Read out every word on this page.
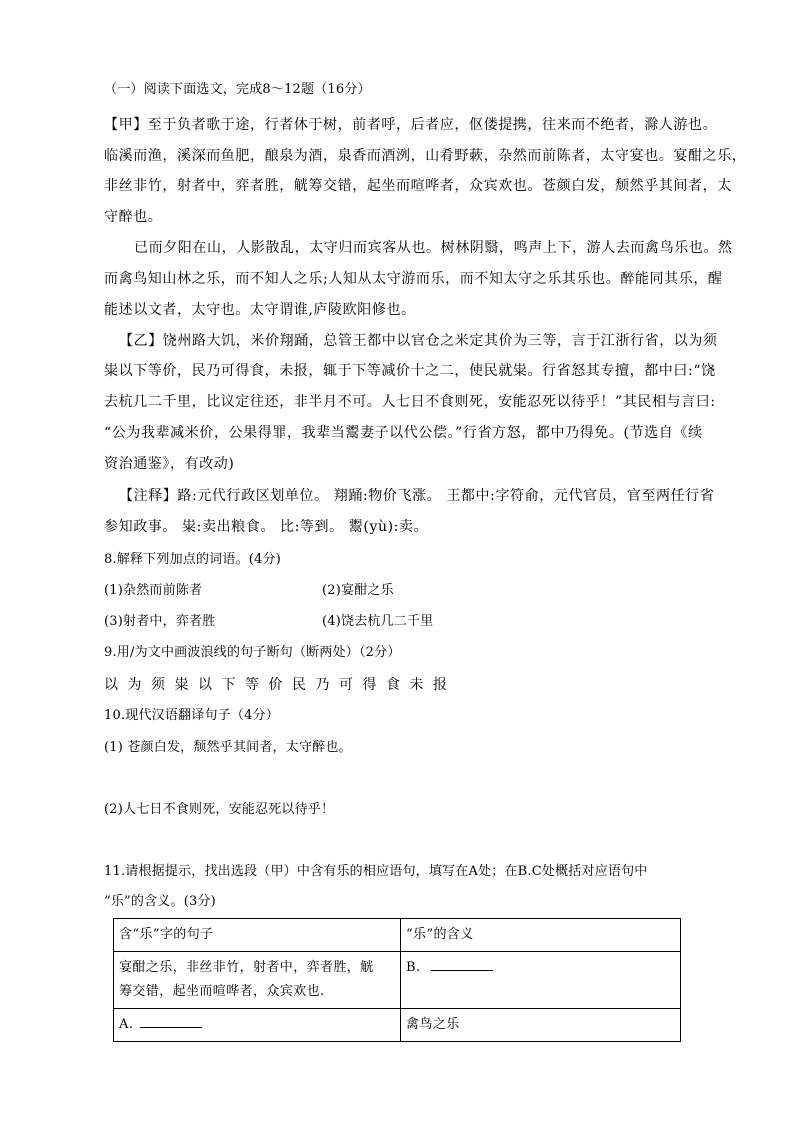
（一）阅读下面选文，完成8～12题（16分）
【甲】至于负者歌于途，行者休于树，前者呼，后者应，伛偻提携，往来而不绝者，滁人游也。
临溪而渔，溪深而鱼肥，酿泉为酒，泉香而酒洌，山肴野蔌，杂然而前陈者，太守宴也。宴酣之乐，
非丝非竹，射者中，弈者胜，觥筹交错，起坐而喧哗者，众宾欢也。苍颜白发，颓然乎其间者，太
守醉也。
已而夕阳在山，人影散乱，太守归而宾客从也。树林阴翳，鸣声上下，游人去而禽鸟乐也。然
而禽鸟知山林之乐，而不知人之乐;人知从太守游而乐，而不知太守之乐其乐也。醉能同其乐，醒
能述以文者，太守也。太守谓谁,庐陵欧阳修也。
【乙】饶州路大饥，米价翔踊，总管王都中以官仓之米定其价为三等，言于江浙行省，以为须
粜以下等价，民乃可得食，未报，辄于下等减价十之二，使民就粜。行省怒其专擅，都中曰:“饶
去杭几二千里，比议定往还，非半月不可。人七日不食则死，安能忍死以待乎！”其民相与言曰:
“公为我辈减米价，公果得罪，我辈当鬻妻子以代公偿。”行省方怒，都中乃得免。(节选自《续
资治通鉴》，有改动)
【注释】路:元代行政区划单位。 翔踊:物价飞涨。 王都中:字符俞，元代官员，官至两任行省
参知政事。 粜:卖出粮食。 比:等到。 鬻(yù):卖。
8.解释下列加点的词语。(4分)
(1)杂然而前陈者	(2)宴酣之乐
(3)射者中，弈者胜	(4)饶去杭几二千里
9.用/为文中画波浪线的句子断句（断两处）（2分）
以为须粜以下等价民乃可得食未报
10.现代汉语翻译句子（4分）
(1) 苍颜白发，颓然乎其间者，太守醉也。
(2)人七日不食则死，安能忍死以待乎！
11.请根据提示，找出选段（甲）中含有乐的相应语句，填写在A处；在B.C处概括对应语句中
“乐”的含义。(3分)
含“乐”字的句子	“乐”的含义

宴酣之乐，非丝非竹，射者中，弈者胜，觥
筹交错，起坐而喧哗者，众宾欢也.	B.
A.	禽鸟之乐
